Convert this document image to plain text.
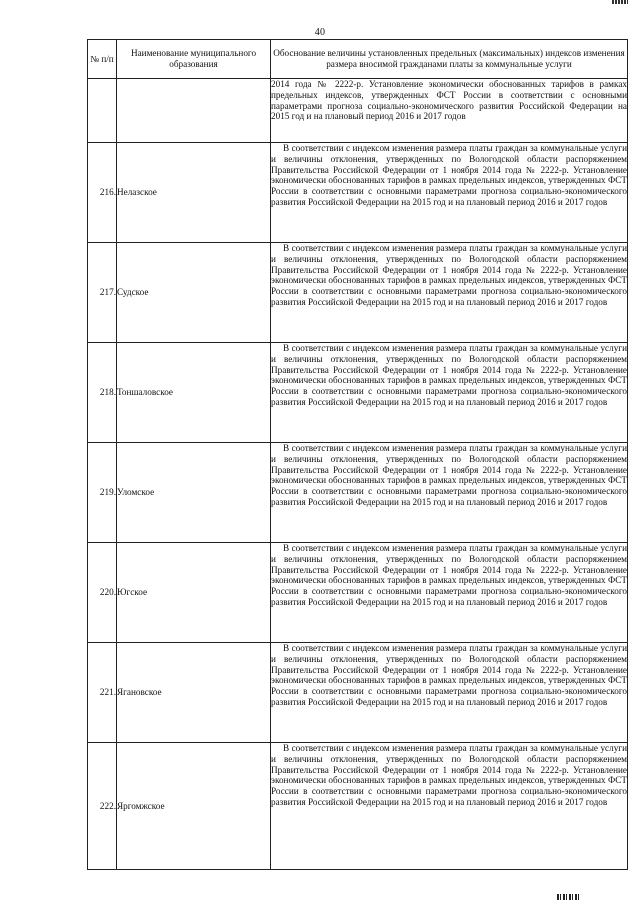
40
№ п/п	Наименование муниципального образования	Обоснование величины установленных предельных (максимальных) индексов изменения размера вносимой гражданами платы за коммунальные услуги
		2014 года № 2222-р. Установление экономически обоснованных тарифов в рамках предельных индексов, утвержденных ФСТ России в соответствии с основными параметрами прогноза социально-экономического развития Российской Федерации на 2015 год и на плановый период 2016 и 2017 годов
216.	Нелазское	В соответствии с индексом изменения размера платы граждан за коммунальные услуги и величины отклонения, утвержденных по Вологодской области распоряжением Правительства Российской Федерации от 1 ноября 2014 года № 2222-р. Установление экономически обоснованных тарифов в рамках предельных индексов, утвержденных ФСТ России в соответствии с основными параметрами прогноза социально-экономического развития Российской Федерации на 2015 год и на плановый период 2016 и 2017 годов
217.	Судское	В соответствии с индексом изменения размера платы граждан за коммунальные услуги и величины отклонения, утвержденных по Вологодской области распоряжением Правительства Российской Федерации от 1 ноября 2014 года № 2222-р. Установление экономически обоснованных тарифов в рамках предельных индексов, утвержденных ФСТ России в соответствии с основными параметрами прогноза социально-экономического развития Российской Федерации на 2015 год и на плановый период 2016 и 2017 годов
218.	Тоншаловское	В соответствии с индексом изменения размера платы граждан за коммунальные услуги и величины отклонения, утвержденных по Вологодской области распоряжением Правительства Российской Федерации от 1 ноября 2014 года № 2222-р. Установление экономически обоснованных тарифов в рамках предельных индексов, утвержденных ФСТ России в соответствии с основными параметрами прогноза социально-экономического развития Российской Федерации на 2015 год и на плановый период 2016 и 2017 годов
219.	Уломское	В соответствии с индексом изменения размера платы граждан за коммунальные услуги и величины отклонения, утвержденных по Вологодской области распоряжением Правительства Российской Федерации от 1 ноября 2014 года № 2222-р. Установление экономически обоснованных тарифов в рамках предельных индексов, утвержденных ФСТ России в соответствии с основными параметрами прогноза социально-экономического развития Российской Федерации на 2015 год и на плановый период 2016 и 2017 годов
220.	Югское	В соответствии с индексом изменения размера платы граждан за коммунальные услуги и величины отклонения, утвержденных по Вологодской области распоряжением Правительства Российской Федерации от 1 ноября 2014 года № 2222-р. Установление экономически обоснованных тарифов в рамках предельных индексов, утвержденных ФСТ России в соответствии с основными параметрами прогноза социально-экономического развития Российской Федерации на 2015 год и на плановый период 2016 и 2017 годов
221.	Ягановское	В соответствии с индексом изменения размера платы граждан за коммунальные услуги и величины отклонения, утвержденных по Вологодской области распоряжением Правительства Российской Федерации от 1 ноября 2014 года № 2222-р. Установление экономически обоснованных тарифов в рамках предельных индексов, утвержденных ФСТ России в соответствии с основными параметрами прогноза социально-экономического развития Российской Федерации на 2015 год и на плановый период 2016 и 2017 годов
222.	Яргомжское	В соответствии с индексом изменения размера платы граждан за коммунальные услуги и величины отклонения, утвержденных по Вологодской области распоряжением Правительства Российской Федерации от 1 ноября 2014 года № 2222-р. Установление экономически обоснованных тарифов в рамках предельных индексов, утвержденных ФСТ России в соответствии с основными параметрами прогноза социально-экономического развития Российской Федерации на 2015 год и на плановый период 2016 и 2017 годов
